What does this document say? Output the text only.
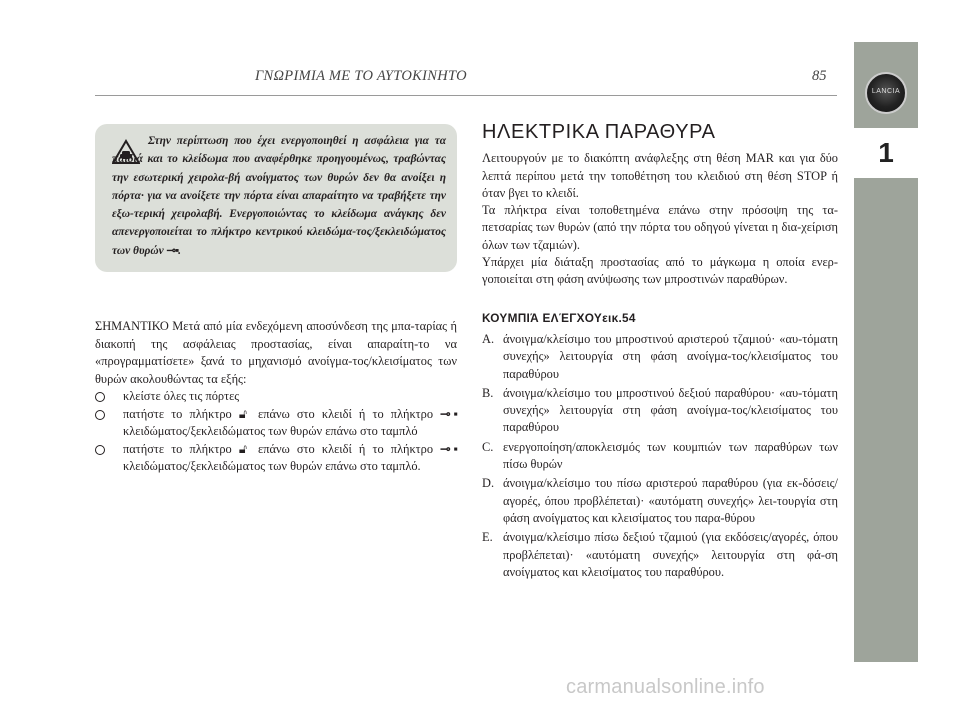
ΓΝΩΡΙΜΙΑ ΜΕ ΤΟ ΑΥΤΟΚΙΝΗΤΟ	85
LANCIA
1
Στην περίπτωση που έχει ενεργοποιηθεί η ασφάλεια για τα παιδιά και το κλείδωμα που αναφέρθηκε προηγουμένως, τραβώντας την εσωτερική χειρολα-βή ανοίγματος των θυρών δεν θα ανοίξει η πόρτα· για να ανοίξετε την πόρτα είναι απαραίτητο να τραβήξετε την εξω-τερική χειρολαβή. Ενεργοποιώντας το κλείδωμα ανάγκης δεν απενεργοποιείται το πλήκτρο κεντρικού κλειδώμα-τος/ξεκλειδώματος των θυρών ⊸▪.

ΣΗΜΑΝΤΙΚΟ Μετά από μία ενδεχόμενη αποσύνδεση της μπα-ταρίας ή διακοπή της ασφάλειας προστασίας, είναι απαραίτη-το να «προγραμματίσετε» ξανά το μηχανισμό ανοίγμα-τος/κλεισίματος των θυρών ακολουθώντας τα εξής:

κλείστε όλες τις πόρτες
πατήστε το πλήκτρο 🔓︎ επάνω στο κλειδί ή το πλήκτρο ⊸▪ κλειδώματος/ξεκλειδώματος των θυρών επάνω στο ταμπλό
πατήστε το πλήκτρο 🔓︎ επάνω στο κλειδί ή το πλήκτρο ⊸▪ κλειδώματος/ξεκλειδώματος των θυρών επάνω στο ταμπλό.
ΗΛΕΚΤΡΙΚΑ ΠΑΡΑΘΥΡΑ

Λειτουργούν με το διακόπτη ανάφλεξης στη θέση MAR και για δύο λεπτά περίπου μετά την τοποθέτηση του κλειδιού στη θέση STOP ή όταν βγει το κλειδί.

Τα πλήκτρα είναι τοποθετημένα επάνω στην πρόσοψη της τα-πετσαρίας των θυρών (από την πόρτα του οδηγού γίνεται η δια-χείριση όλων των τζαμιών).

Υπάρχει μία διάταξη προστασίας από το μάγκωμα η οποία ενερ-γοποιείται στη φάση ανύψωσης των μπροστινών παραθύρων.

ΚΟΥΜΠΙΆ ΕΛΈΓΧΟΥεικ.54
A. άνοιγμα/κλείσιμο του μπροστινού αριστερού τζαμιού· «αυ-τόματη συνεχής» λειτουργία στη φάση ανοίγμα-τος/κλεισίματος του παραθύρου
B. άνοιγμα/κλείσιμο του μπροστινού δεξιού παραθύρου· «αυ-τόματη συνεχής» λειτουργία στη φάση ανοίγμα-τος/κλεισίματος του παραθύρου
C. ενεργοποίηση/αποκλεισμός των κουμπιών των παραθύρων των πίσω θυρών
D. άνοιγμα/κλείσιμο του πίσω αριστερού παραθύρου (για εκ-δόσεις/αγορές, όπου προβλέπεται)· «αυτόματη συνεχής» λει-τουργία στη φάση ανοίγματος και κλεισίματος του παρα-θύρου
E. άνοιγμα/κλείσιμο πίσω δεξιού τζαμιού (για εκδόσεις/αγορές, όπου προβλέπεται)· «αυτόματη συνεχής» λειτουργία στη φά-ση ανοίγματος και κλεισίματος του παραθύρου.
carmanualsonline.info
